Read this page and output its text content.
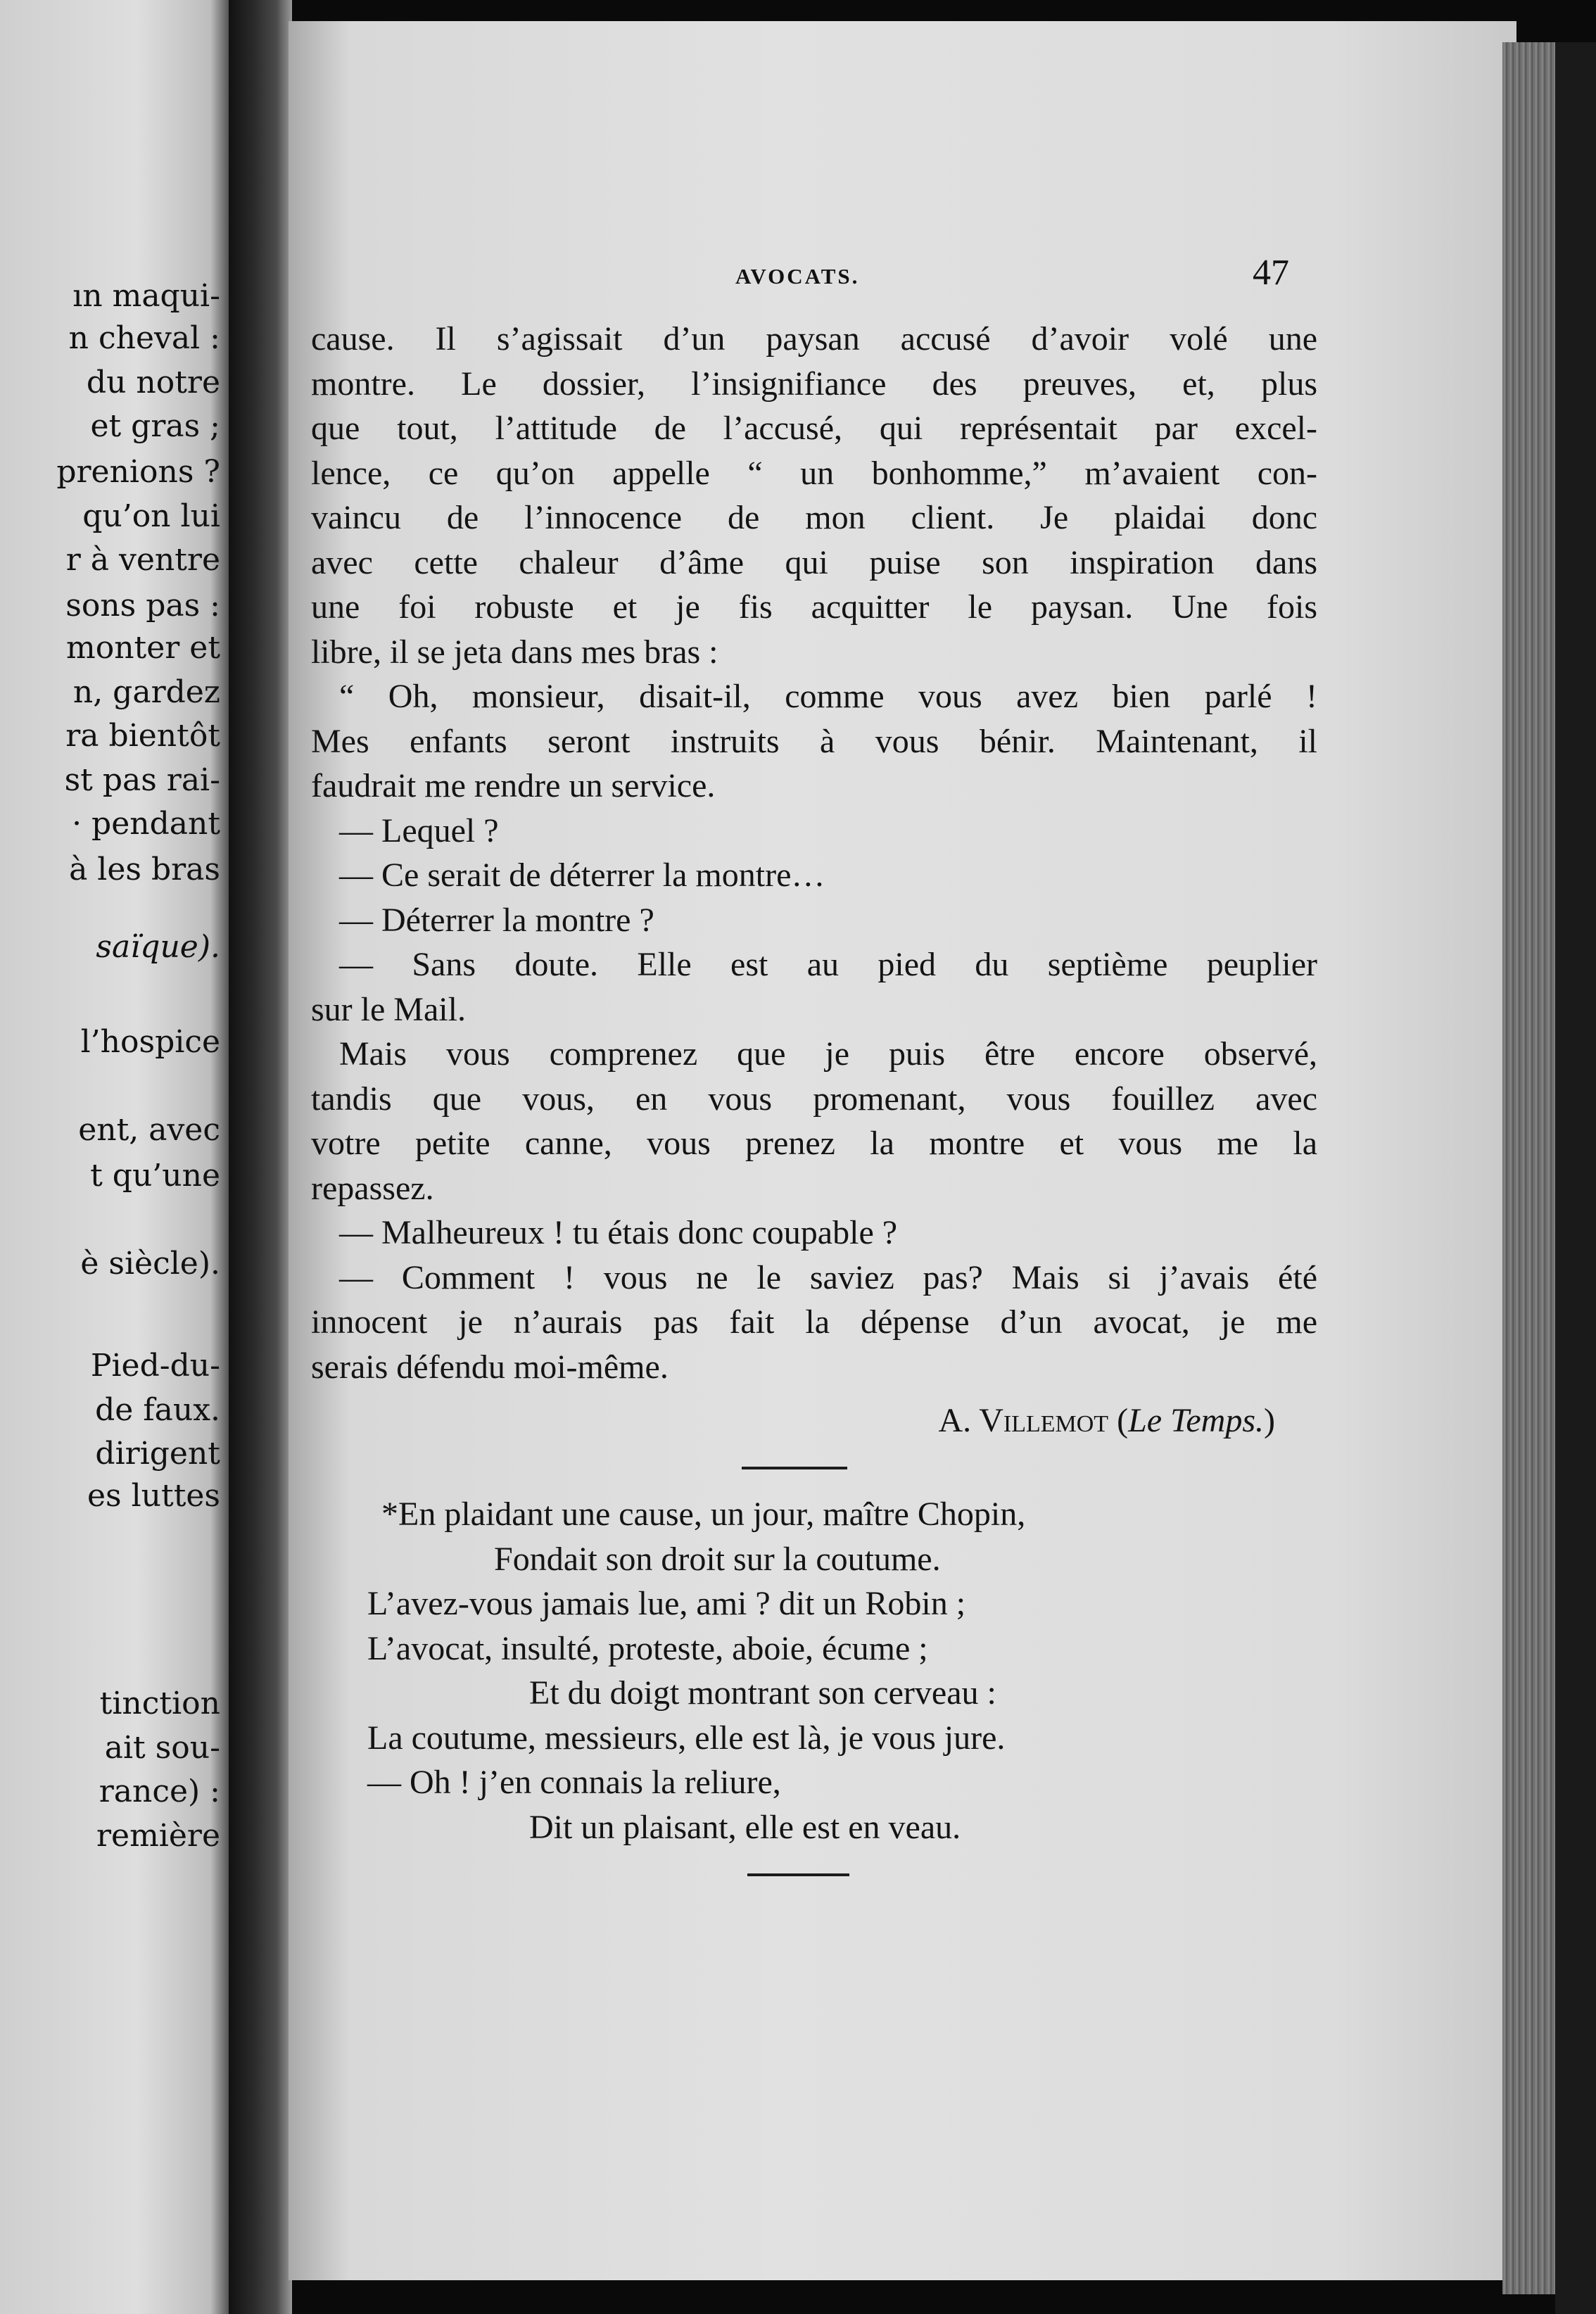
ın maqui-
n cheval :
du notre
et gras ;
prenions ?
qu’on lui
r à ventre
sons pas :
monter et
n, gardez
ra bientôt
st pas rai-
· pendant
à les bras
saïque).
l’hospice
ent, avec
t qu’une
è siècle).
Pied-du-
de faux.
dirigent
es luttes
tinction
ait sou-
rance) :
remière
AVOCATS.	47
cause. Il s’agissait d’un paysan accusé d’avoir volé une
montre. Le dossier, l’insignifiance des preuves, et, plus
que tout, l’attitude de l’accusé, qui représentait par excel-
lence, ce qu’on appelle “ un bonhomme,” m’avaient con-
vaincu de l’innocence de mon client. Je plaidai donc
avec cette chaleur d’âme qui puise son inspiration dans
une foi robuste et je fis acquitter le paysan. Une fois
libre, il se jeta dans mes bras :
“ Oh, monsieur, disait-il, comme vous avez bien parlé !
Mes enfants seront instruits à vous bénir. Maintenant, il
faudrait me rendre un service.
— Lequel ?
— Ce serait de déterrer la montre…
— Déterrer la montre ?
— Sans doute. Elle est au pied du septième peuplier
sur le Mail.
Mais vous comprenez que je puis être encore observé,
tandis que vous, en vous promenant, vous fouillez avec
votre petite canne, vous prenez la montre et vous me la
repassez.
— Malheureux ! tu étais donc coupable ?
— Comment ! vous ne le saviez pas? Mais si j’avais été
innocent je n’aurais pas fait la dépense d’un avocat, je me
serais défendu moi-même.
A. Villemot (Le Temps.)
*En plaidant une cause, un jour, maître Chopin,
Fondait son droit sur la coutume.
L’avez-vous jamais lue, ami ? dit un Robin ;
L’avocat, insulté, proteste, aboie, écume ;
Et du doigt montrant son cerveau :
La coutume, messieurs, elle est là, je vous jure.
— Oh ! j’en connais la reliure,
Dit un plaisant, elle est en veau.
